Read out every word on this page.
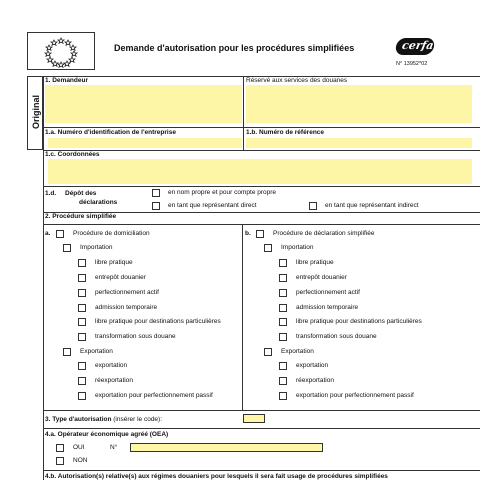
Demande d'autorisation pour les procédures simplifiées	cerfa
N° 13952*02
Original
1. Demandeur	Réservé aux services des douanes
1.a. Numéro d'identification de l'entreprise	1.b. Numéro de référence
1.c. Coordonnées
1.d. Dépôt des
déclarations
en nom propre et pour compte propre
en tant que représentant direct	en tant que représentant indirect
2. Procédure simplifiée
a.	Procédure de domiciliation
Importation
libre pratique
entrepôt douanier
perfectionnement actif
admission temporaire
libre pratique pour destinations particulières
transformation sous douane
Exportation
exportation
réexportation
exportation pour perfectionnement passif
b.	Procédure de déclaration simplifiée
Importation
libre pratique
entrepôt douanier
perfectionnement actif
admission temporaire
libre pratique pour destinations particulières
transformation sous douane
Exportation
exportation
réexportation
exportation pour perfectionnement passif
3. Type d'autorisation (insérer le code):
4.a. Opérateur économique agréé (OEA)
OUI	N°
NON
4.b. Autorisation(s) relative(s) aux régimes douaniers pour lesquels il sera fait usage de procédures simplifiées
